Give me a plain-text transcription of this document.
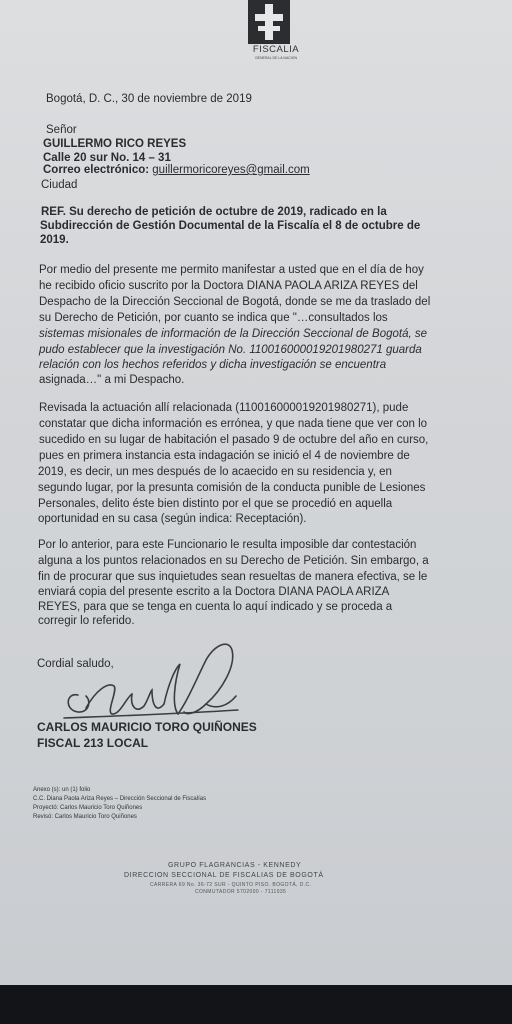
FISCALIA
GENERAL DE LA NACION
Bogotá, D. C., 30 de noviembre de 2019
Señor
GUILLERMO RICO REYES
Calle 20 sur No. 14 – 31
Correo electrónico: guillermoricoreyes@gmail.com
Ciudad
REF. Su derecho de petición de octubre de 2019, radicado en la
Subdirección de Gestión Documental de la Fiscalía el 8 de octubre de
2019.
Por medio del presente me permito manifestar a usted que en el día de hoy
he recibido oficio suscrito por la Doctora DIANA PAOLA ARIZA REYES del
Despacho de la Dirección Seccional de Bogotá, donde se me da traslado del
su Derecho de Petición, por cuanto se indica que "…consultados los
sistemas misionales de información de la Dirección Seccional de Bogotá, se
pudo establecer que la investigación No. 110016000019201980271 guarda
relación con los hechos referidos y dicha investigación se encuentra
asignada…" a mi Despacho.
Revisada la actuación allí relacionada (110016000019201980271), pude
constatar que dicha información es errónea, y que nada tiene que ver con lo
sucedido en su lugar de habitación el pasado 9 de octubre del año en curso,
pues en primera instancia esta indagación se inició el 4 de noviembre de
2019, es decir, un mes después de lo acaecido en su residencia y, en
segundo lugar, por la presunta comisión de la conducta punible de Lesiones
Personales, delito éste bien distinto por el que se procedió en aquella
oportunidad en su casa (según indica: Receptación).
Por lo anterior, para este Funcionario le resulta imposible dar contestación
alguna a los puntos relacionados en su Derecho de Petición. Sin embargo, a
fin de procurar que sus inquietudes sean resueltas de manera efectiva, se le
enviará copia del presente escrito a la Doctora DIANA PAOLA ARIZA
REYES, para que se tenga en cuenta lo aquí indicado y se proceda a
corregir lo referido.
Cordial saludo,
CARLOS MAURICIO TORO QUIÑONES
FISCAL 213 LOCAL
Anexo (s): un (1) folio
C.C. Diana Paola Ariza Reyes – Dirección Seccional de Fiscalías
Proyectó: Carlos Mauricio Toro Quiñones
Revisó: Carlos Mauricio Toro Quiñones
GRUPO FLAGRANCIAS - KENNEDY
DIRECCION SECCIONAL DE FISCALIAS DE BOGOTÁ
CARRERA 69 No. 36-72 SUR - QUINTO PISO. BOGOTÁ, D.C.
CONMUTADOR 5702000 - 7111935
